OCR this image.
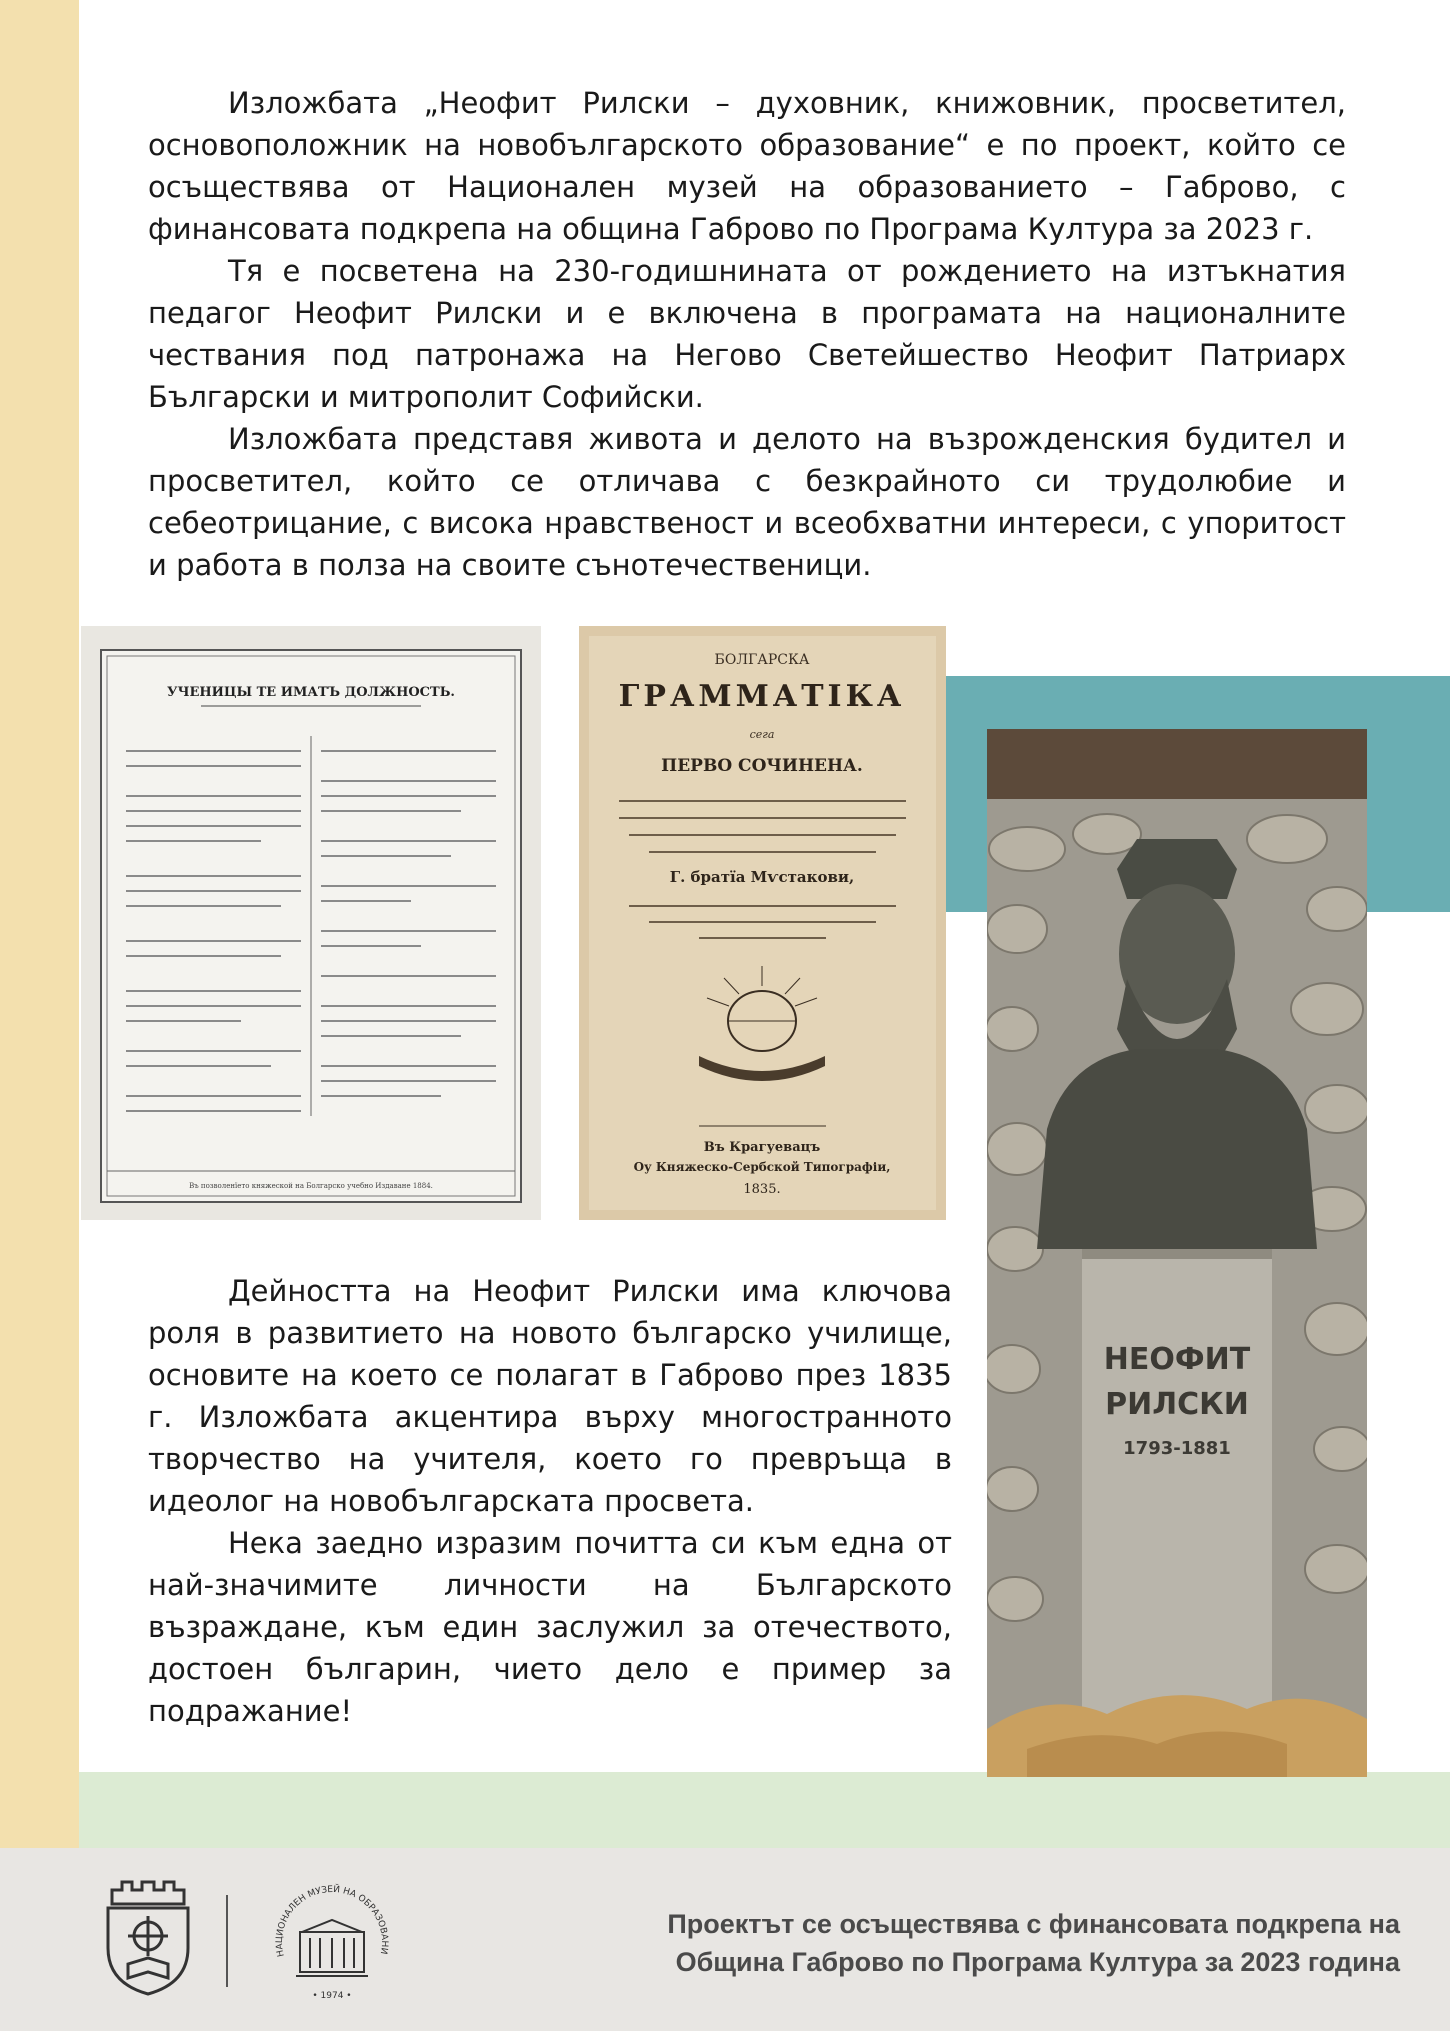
Изложбата „Неофит Рилски – духовник, книжовник, просветител, основоположник на новобългарското образование“ е по проект, който се осъществява от Национален музей на образованието – Габрово, с финансовата подкрепа на община Габрово по Програма Култура за 2023 г.

Тя е посветена на 230-годишнината от рождението на изтъкнатия педагог Неофит Рилски и е включена в програмата на националните чествания под патронажа на Негово Светейшество Неофит Патриарх Български и митрополит Софийски.

Изложбата представя живота и делото на възрожденския будител и просветител, който се отличава с безкрайното си трудолюбие и себеотрицание, с висока нравственост и всеобхватни интереси, с упоритост и работа в полза на своите сънотечественици.

УЧЕНИЦЫ ТЕ ИМАТЪ ДОЛЖНОСТЬ.
Въ позволенїето княжеской на Болгарско учебно Издаване 1884.
БОЛГАРСКА
ГРАММАТІКА
сега
ПЕРВО СОЧИНЕНА.
Г. братїа Мѵстакови,
Въ Крагуевацъ
Оу Княжеско-Сербской Типографіи,
1835.
НЕОФИТ
РИЛСКИ
1793-1881

Дейността на Неофит Рилски има ключова роля в развитието на новото българско училище, основите на което се полагат в Габрово през 1835 г. Изложбата акцентира върху многостранното творчество на учителя, което го превръща в идеолог на новобългарската просвета.

Нека заедно изразим почитта си към една от най-значимите личности на Българското възраждане, към един заслужил за отечеството, достоен българин, чието дело е пример за подражание!

НАЦИОНАЛЕН МУЗЕЙ НА ОБРАЗОВАНИ
• 1974 •
Проектът се осъществява с финансовата подкрепа на
Община Габрово по Програма Култура за 2023 година
